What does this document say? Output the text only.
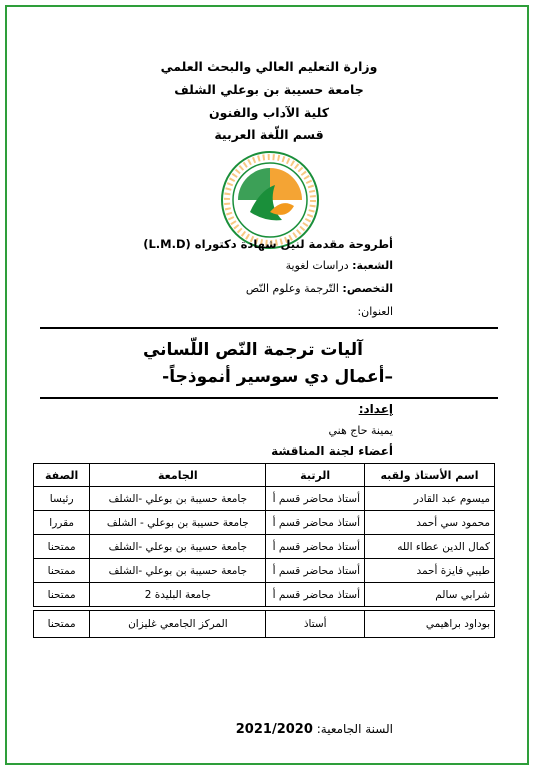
وزارة التعليم العالي والبحث العلمي
جامعة حسيبة بن بوعلي الشلف
كلية الآداب والفنون
قسم اللّغة العربية
أطروحة مقدمة لنيل شهادة دكتوراه (L.M.D)
الشعبة: دراسات لغوية
التخصص: التّرجمة وعلوم النّص
العنوان:
آليات ترجمة النّص اللّساني
–أعمال دي سوسير أنموذجاً-
إعداد:
يمينة حاج هني
أعضاء لجنة المناقشة
اسم الأستاذ ولقبه	الرتبة	الجامعة	الصفة
ميسوم عبد القادر	أستاذ محاضر قسم أ	جامعة حسيبة بن بوعلي -الشلف	رئيسا
محمود سي أحمد	أستاذ محاضر قسم أ	جامعة حسيبة بن بوعلي - الشلف	مقررا
كمال الدين عطاء الله	أستاذ محاضر قسم أ	جامعة حسيبة بن بوعلي -الشلف	ممتحنا
طيبي فايزة أحمد	أستاذ محاضر قسم أ	جامعة حسيبة بن بوعلي -الشلف	ممتحنا
شرابي سالم	أستاذ محاضر قسم أ	جامعة البليدة 2	ممتحنا

بوداود براهيمي	أستاذ	المركز الجامعي غليزان	ممتحنا
السنة الجامعية: 2021/2020
